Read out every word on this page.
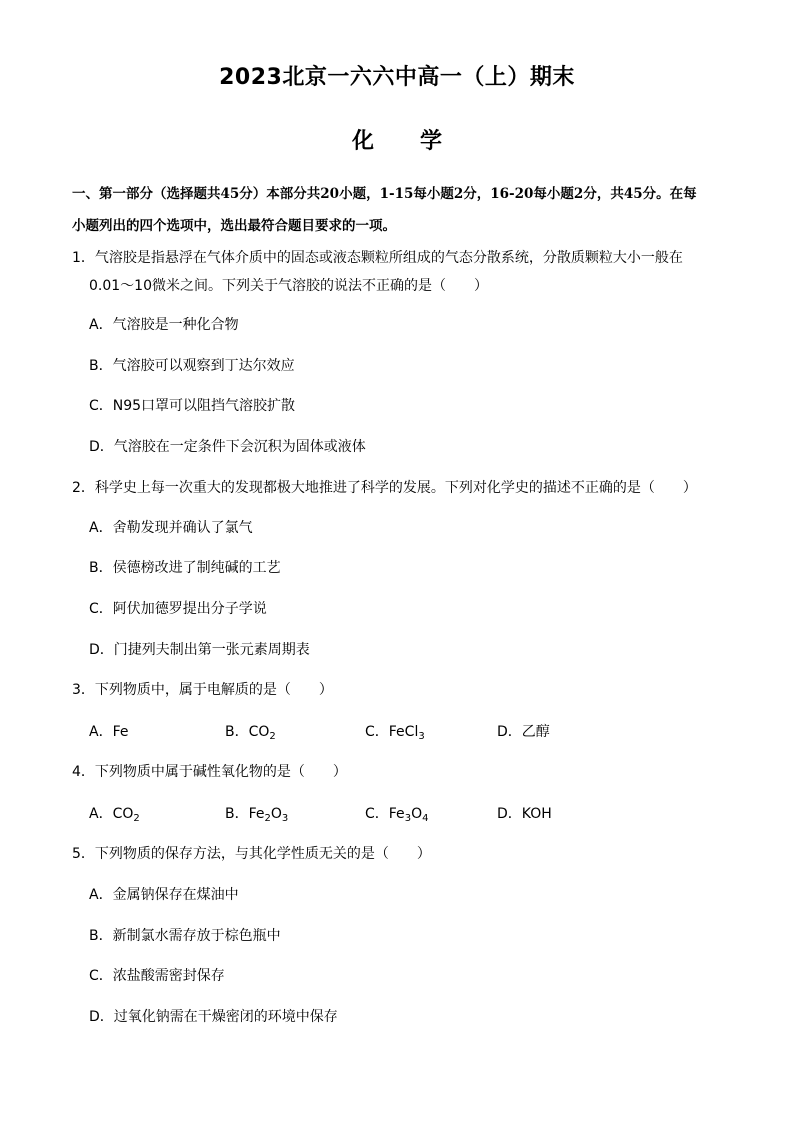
2023北京一六六中高一（上）期末
化 学
一、第一部分（选择题共45分）本部分共20小题，1-15每小题2分，16-20每小题2分，共45分。在每
小题列出的四个选项中，选出最符合题目要求的一项。
1．气溶胶是指悬浮在气体介质中的固态或液态颗粒所组成的气态分散系统，分散质颗粒大小一般在
0.01～10微米之间。下列关于气溶胶的说法不正确的是（　　）
A．气溶胶是一种化合物
B．气溶胶可以观察到丁达尔效应
C．N95口罩可以阻挡气溶胶扩散
D．气溶胶在一定条件下会沉积为固体或液体
2．科学史上每一次重大的发现都极大地推进了科学的发展。下列对化学史的描述不正确的是（　　）
A．舍勒发现并确认了氯气
B．侯德榜改进了制纯碱的工艺
C．阿伏加德罗提出分子学说
D．门捷列夫制出第一张元素周期表
3．下列物质中，属于电解质的是（　　）
A．Fe	B．$CO_2$	C．FeCl$_3$	D．乙醇
4．下列物质中属于碱性氧化物的是（　　）
A．$CO_2$	B．$Fe_2O_3$	C．$Fe_3O_4$	D．KOH
5．下列物质的保存方法，与其化学性质无关的是（　　）
A．金属钠保存在煤油中
B．新制氯水需存放于棕色瓶中
C．浓盐酸需密封保存
D．过氧化钠需在干燥密闭的环境中保存
